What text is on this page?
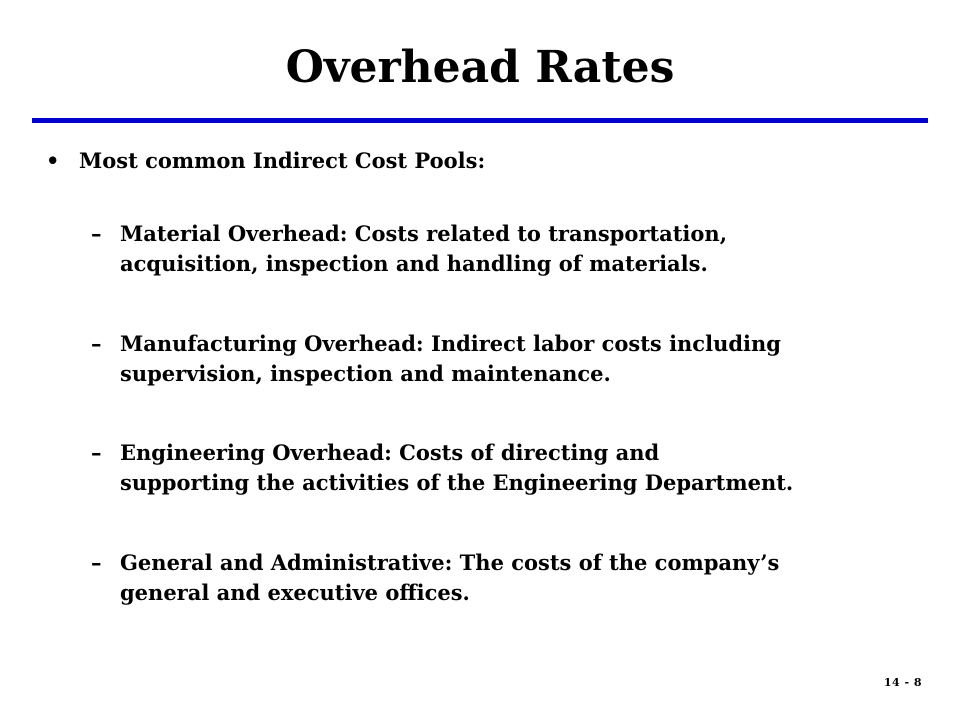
Overhead Rates
• Most common Indirect Cost Pools:
– Material Overhead: Costs related to transportation,
acquisition, inspection and handling of materials.
– Manufacturing Overhead: Indirect labor costs including
supervision, inspection and maintenance.
– Engineering Overhead: Costs of directing and
supporting the activities of the Engineering Department.
– General and Administrative: The costs of the company’s
general and executive offices.
14 - 8
